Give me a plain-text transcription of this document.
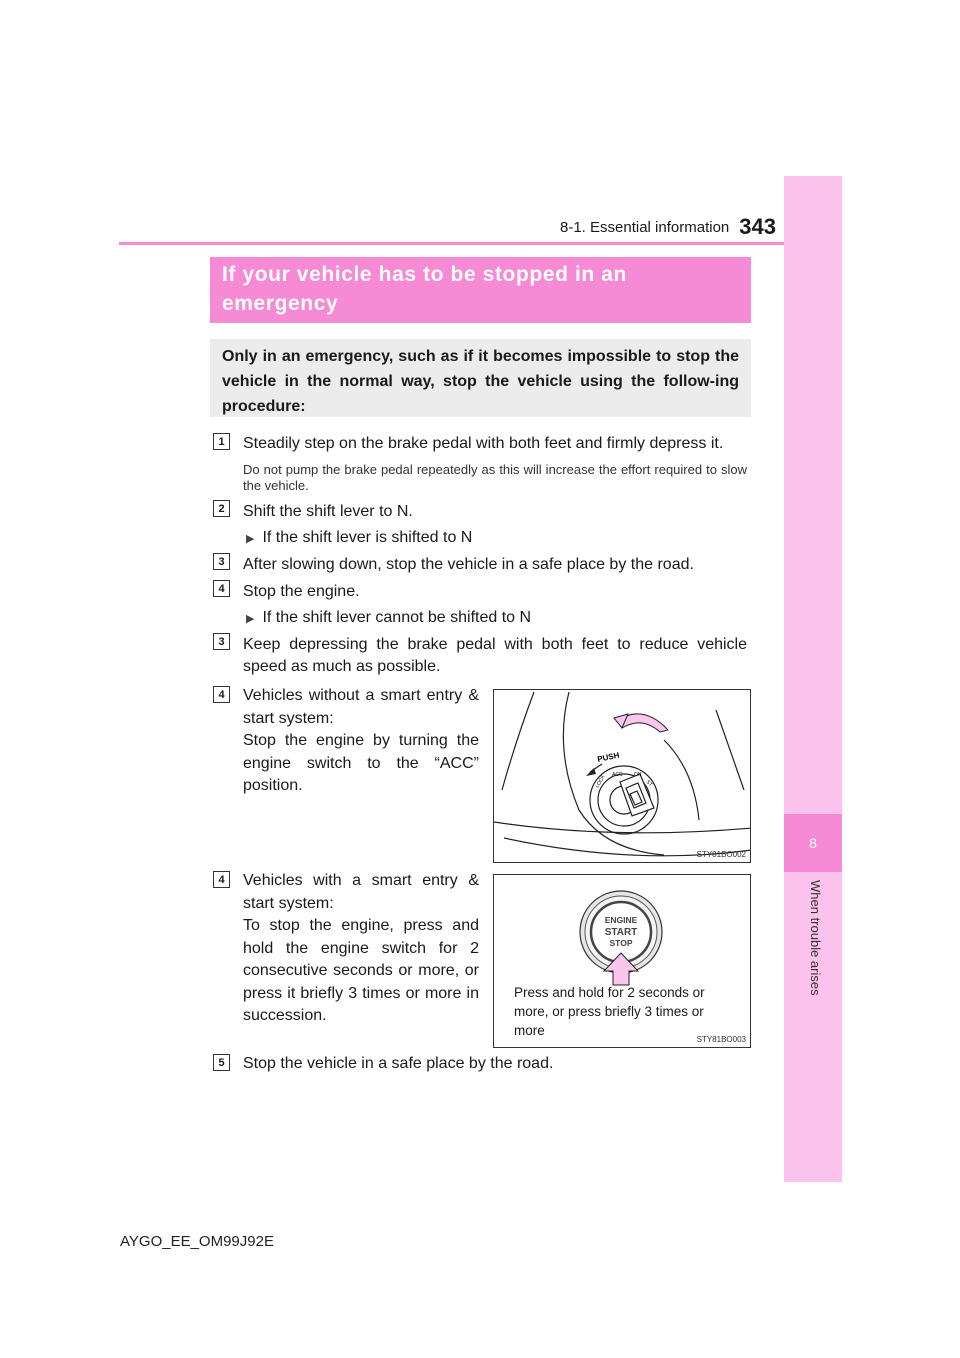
8-1. Essential information 343
8
When trouble arises
If your vehicle has to be stopped in an
emergency
Only in an emergency, such as if it becomes impossible to stop the vehicle in the normal way, stop the vehicle using the follow-ing procedure:
1	Steadily step on the brake pedal with both feet and firmly depress it.
Do not pump the brake pedal repeatedly as this will increase the effort required to slow the vehicle.
2	Shift the shift lever to N.
▶ If the shift lever is shifted to N
3	After slowing down, stop the vehicle in a safe place by the road.
4	Stop the engine.
▶ If the shift lever cannot be shifted to N
3	Keep depressing the brake pedal with both feet to reduce vehicle speed as much as possible.
4	Vehicles without a smart entry & start system:
Stop the engine by turning the engine switch to the “ACC” position.
PUSH
LOCK ACC ON
ST
STY81BO002
4	Vehicles with a smart entry & start system:
To stop the engine, press and hold the engine switch for 2 consecutive seconds or more, or press it briefly 3 times or more in succession.
ENGINE
START
STOP
Press and hold for 2 seconds or more, or press briefly 3 times or more
STY81BO003
5	Stop the vehicle in a safe place by the road.
AYGO_EE_OM99J92E
